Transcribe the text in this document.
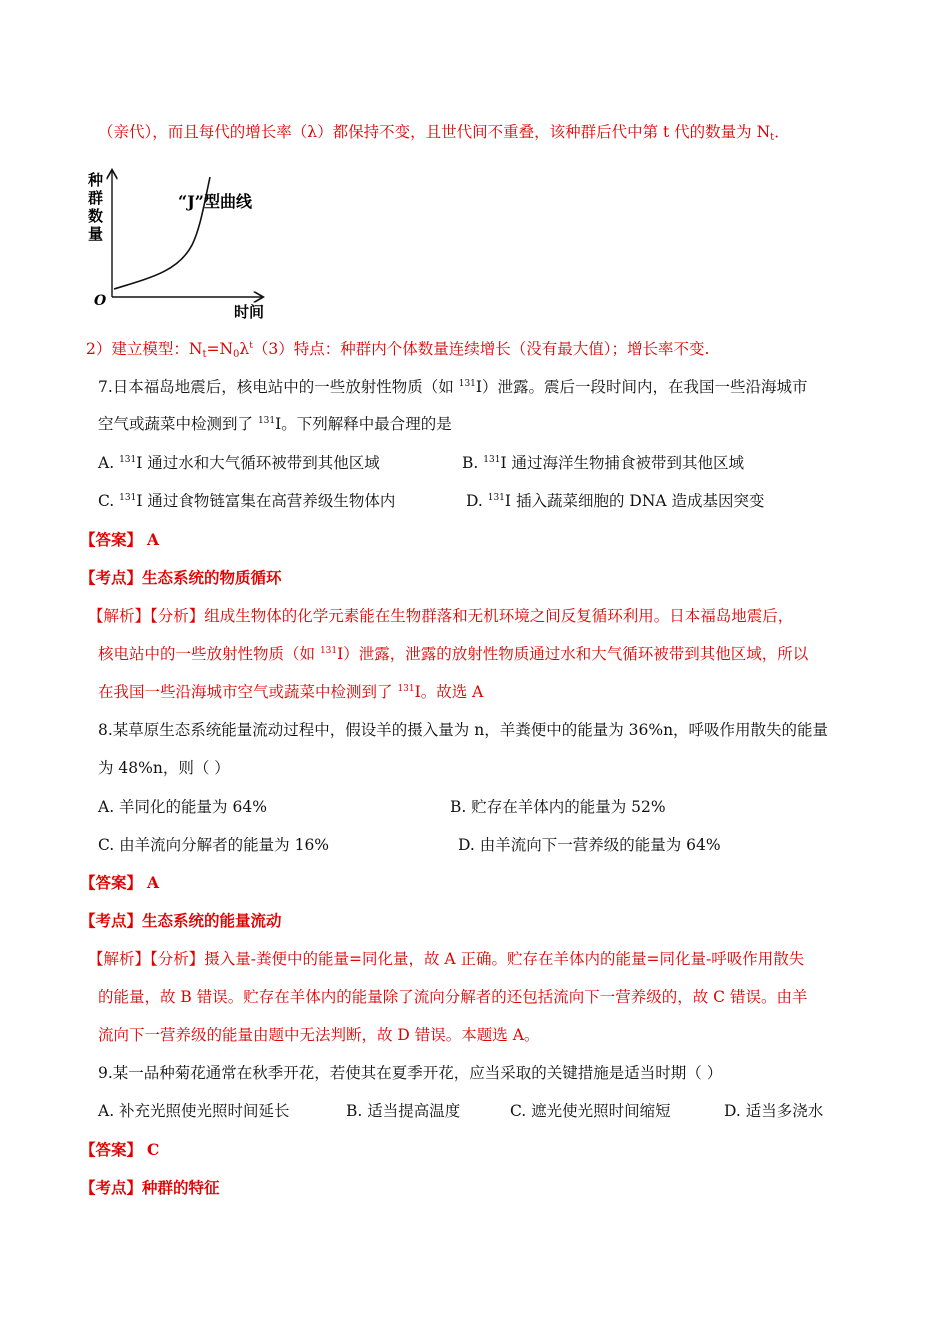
（亲代），而且每代的增长率（λ）都保持不变，且世代间不重叠，该种群后代中第 t 代的数量为 $N_t$．
种
群
数
量
O
时间
“J”型曲线
2）建立模型：$N_t=N_0\lambda^t(3)$特点：种群内个体数量连续增长（没有最大值）；增长率不变.
7.日本福岛地震后，核电站中的一些放射性物质（如 $^{131}$I）泄露。震后一段时间内，在我国一些沿海城市
空气或蔬菜中检测到了 $^{131}$I。下列解释中最合理的是
A. $^{131}$I 通过水和大气循环被带到其他区域	B. $^{131}$I 通过海洋生物捕食被带到其他区域
C. $^{131}$I 通过食物链富集在高营养级生物体内	D. $^{131}$I 插入蔬菜细胞的 DNA 造成基因突变
【答案】 A
【考点】生态系统的物质循环
【解析】【分析】组成生物体的化学元素能在生物群落和无机环境之间反复循环利用。日本福岛地震后，
核电站中的一些放射性物质（如 $^{131}$I）泄露，泄露的放射性物质通过水和大气循环被带到其他区域，所以
在我国一些沿海城市空气或蔬菜中检测到了 $^{131}$I。故选 A
8.某草原生态系统能量流动过程中，假设羊的摄入量为 n，羊粪便中的能量为 36%n，呼吸作用散失的能量
为 48%n，则（ ）
A. 羊同化的能量为 64%	B. 贮存在羊体内的能量为 52%
C. 由羊流向分解者的能量为 16%	D. 由羊流向下一营养级的能量为 64%
【答案】 A
【考点】生态系统的能量流动
【解析】【分析】摄入量-粪便中的能量=同化量，故 A 正确。贮存在羊体内的能量=同化量-呼吸作用散失
的能量，故 B 错误。贮存在羊体内的能量除了流向分解者的还包括流向下一营养级的，故 C 错误。由羊
流向下一营养级的能量由题中无法判断，故 D 错误。本题选 A。
9.某一品种菊花通常在秋季开花，若使其在夏季开花，应当采取的关键措施是适当时期（ ）
A. 补充光照使光照时间延长	B. 适当提高温度	C. 遮光使光照时间缩短	D. 适当多浇水
【答案】 C
【考点】种群的特征
